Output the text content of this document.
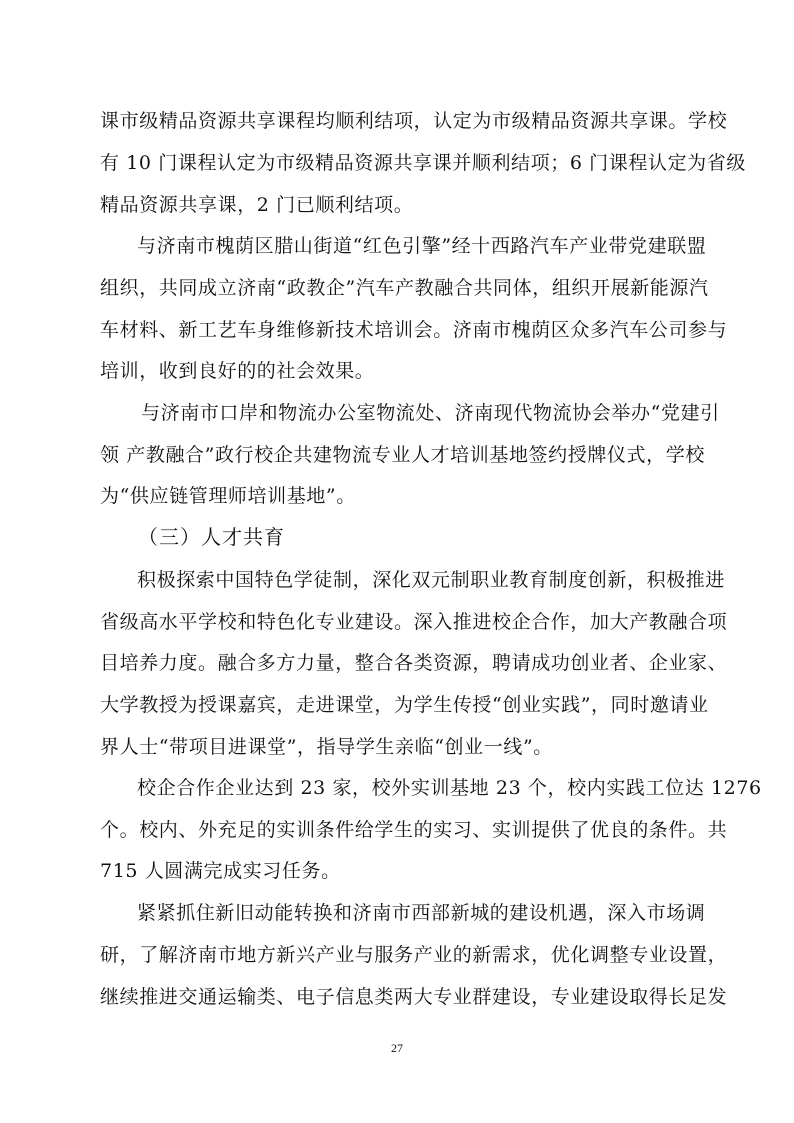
课市级精品资源共享课程均顺利结项，认定为市级精品资源共享课。学校
有 10 门课程认定为市级精品资源共享课并顺利结项；6 门课程认定为省级
精品资源共享课，2 门已顺利结项。
与济南市槐荫区腊山街道“红色引擎”经十西路汽车产业带党建联盟
组织，共同成立济南“政教企”汽车产教融合共同体，组织开展新能源汽
车材料、新工艺车身维修新技术培训会。济南市槐荫区众多汽车公司参与
培训，收到良好的的社会效果。
与济南市口岸和物流办公室物流处、济南现代物流协会举办“党建引
领 产教融合”政行校企共建物流专业人才培训基地签约授牌仪式，学校
为“供应链管理师培训基地”。
（三）人才共育
积极探索中国特色学徒制，深化双元制职业教育制度创新，积极推进
省级高水平学校和特色化专业建设。深入推进校企合作，加大产教融合项
目培养力度。融合多方力量，整合各类资源，聘请成功创业者、企业家、
大学教授为授课嘉宾，走进课堂，为学生传授“创业实践”，同时邀请业
界人士“带项目进课堂”，指导学生亲临“创业一线”。
校企合作企业达到 23 家，校外实训基地 23 个，校内实践工位达 1276
个。校内、外充足的实训条件给学生的实习、实训提供了优良的条件。共
715 人圆满完成实习任务。
紧紧抓住新旧动能转换和济南市西部新城的建设机遇，深入市场调
研，了解济南市地方新兴产业与服务产业的新需求，优化调整专业设置，
继续推进交通运输类、电子信息类两大专业群建设，专业建设取得长足发
27
